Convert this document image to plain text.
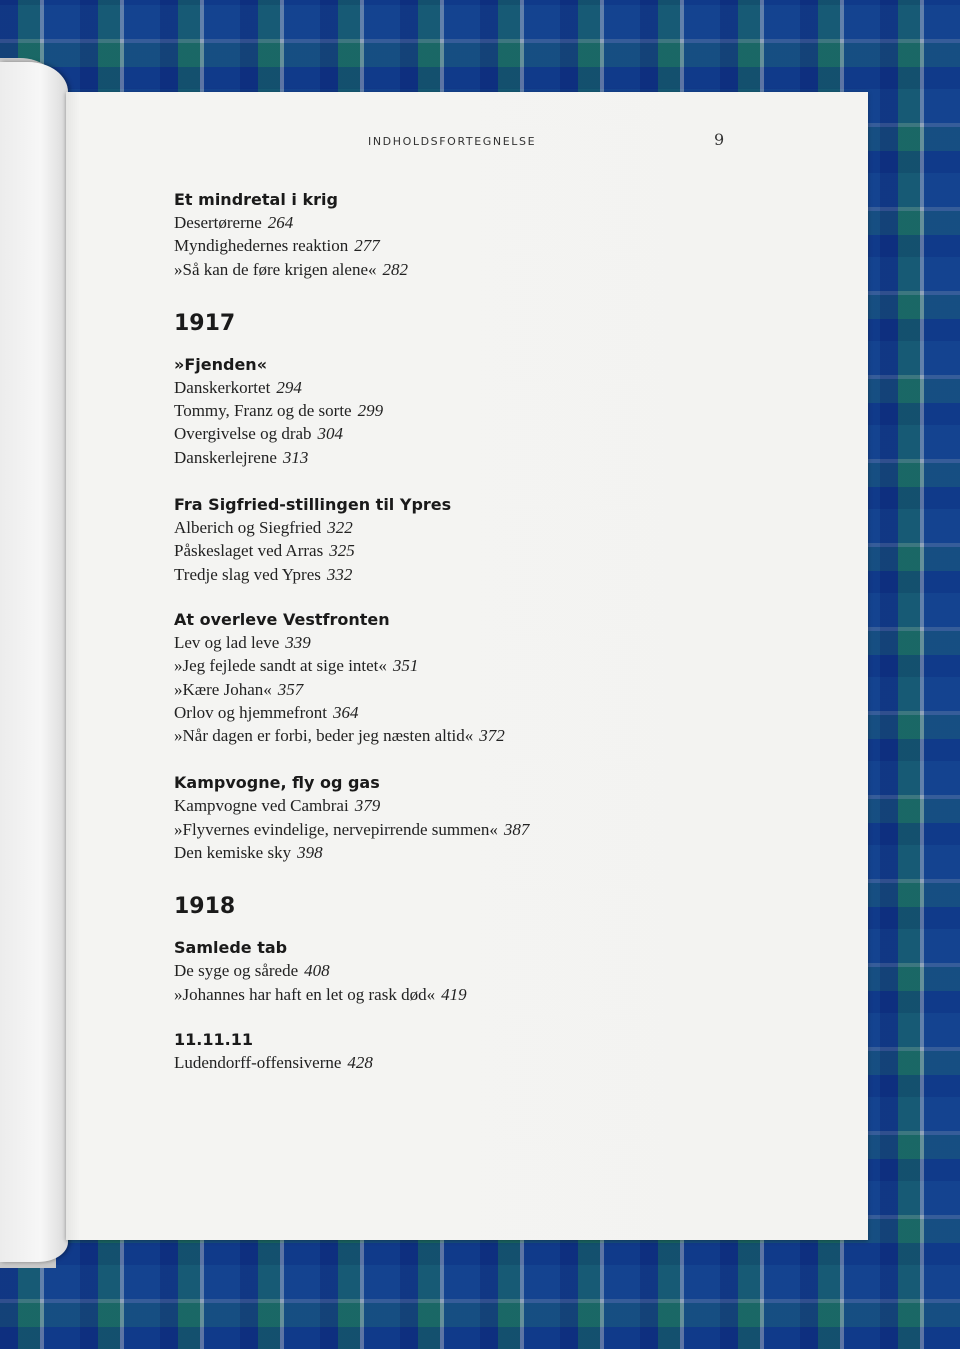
INDHOLDSFORTEGNELSE	9

Et mindretal i krig

Desertørerne 264

Myndighedernes reaktion 277

»Så kan de føre krigen alene« 282

1917

»Fjenden«

Danskerkortet 294

Tommy, Franz og de sorte 299

Overgivelse og drab 304

Danskerlejrene 313

Fra Sigfried-stillingen til Ypres

Alberich og Siegfried 322

Påskeslaget ved Arras 325

Tredje slag ved Ypres 332

At overleve Vestfronten

Lev og lad leve 339

»Jeg fejlede sandt at sige intet« 351

»Kære Johan« 357

Orlov og hjemmefront 364

»Når dagen er forbi, beder jeg næsten altid« 372

Kampvogne, fly og gas

Kampvogne ved Cambrai 379

»Flyvernes evindelige, nervepirrende summen« 387

Den kemiske sky 398

1918

Samlede tab

De syge og sårede 408

»Johannes har haft en let og rask død« 419

11.11.11

Ludendorff-offensiverne 428
